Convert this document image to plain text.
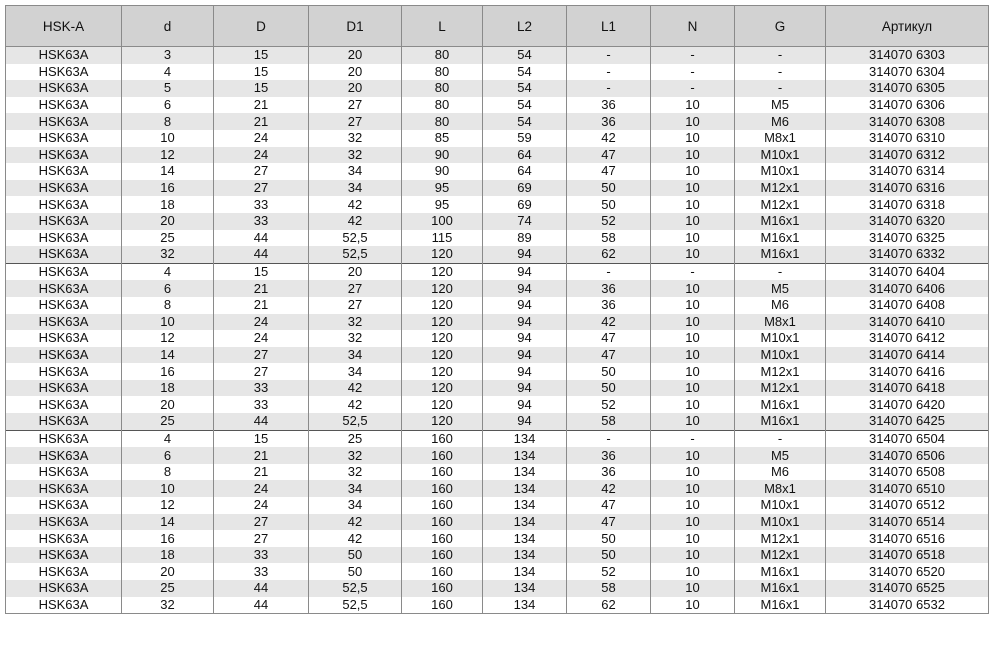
HSK-A	d	D	D1	L	L2	L1	N	G	Артикул
HSK63A	3	15	20	80	54	-	-	-	314070 6303
HSK63A	4	15	20	80	54	-	-	-	314070 6304
HSK63A	5	15	20	80	54	-	-	-	314070 6305
HSK63A	6	21	27	80	54	36	10	M5	314070 6306
HSK63A	8	21	27	80	54	36	10	M6	314070 6308
HSK63A	10	24	32	85	59	42	10	M8x1	314070 6310
HSK63A	12	24	32	90	64	47	10	M10x1	314070 6312
HSK63A	14	27	34	90	64	47	10	M10x1	314070 6314
HSK63A	16	27	34	95	69	50	10	M12x1	314070 6316
HSK63A	18	33	42	95	69	50	10	M12x1	314070 6318
HSK63A	20	33	42	100	74	52	10	M16x1	314070 6320
HSK63A	25	44	52,5	115	89	58	10	M16x1	314070 6325
HSK63A	32	44	52,5	120	94	62	10	M16x1	314070 6332
HSK63A	4	15	20	120	94	-	-	-	314070 6404
HSK63A	6	21	27	120	94	36	10	M5	314070 6406
HSK63A	8	21	27	120	94	36	10	M6	314070 6408
HSK63A	10	24	32	120	94	42	10	M8x1	314070 6410
HSK63A	12	24	32	120	94	47	10	M10x1	314070 6412
HSK63A	14	27	34	120	94	47	10	M10x1	314070 6414
HSK63A	16	27	34	120	94	50	10	M12x1	314070 6416
HSK63A	18	33	42	120	94	50	10	M12x1	314070 6418
HSK63A	20	33	42	120	94	52	10	M16x1	314070 6420
HSK63A	25	44	52,5	120	94	58	10	M16x1	314070 6425
HSK63A	4	15	25	160	134	-	-	-	314070 6504
HSK63A	6	21	32	160	134	36	10	M5	314070 6506
HSK63A	8	21	32	160	134	36	10	M6	314070 6508
HSK63A	10	24	34	160	134	42	10	M8x1	314070 6510
HSK63A	12	24	34	160	134	47	10	M10x1	314070 6512
HSK63A	14	27	42	160	134	47	10	M10x1	314070 6514
HSK63A	16	27	42	160	134	50	10	M12x1	314070 6516
HSK63A	18	33	50	160	134	50	10	M12x1	314070 6518
HSK63A	20	33	50	160	134	52	10	M16x1	314070 6520
HSK63A	25	44	52,5	160	134	58	10	M16x1	314070 6525
HSK63A	32	44	52,5	160	134	62	10	M16x1	314070 6532
